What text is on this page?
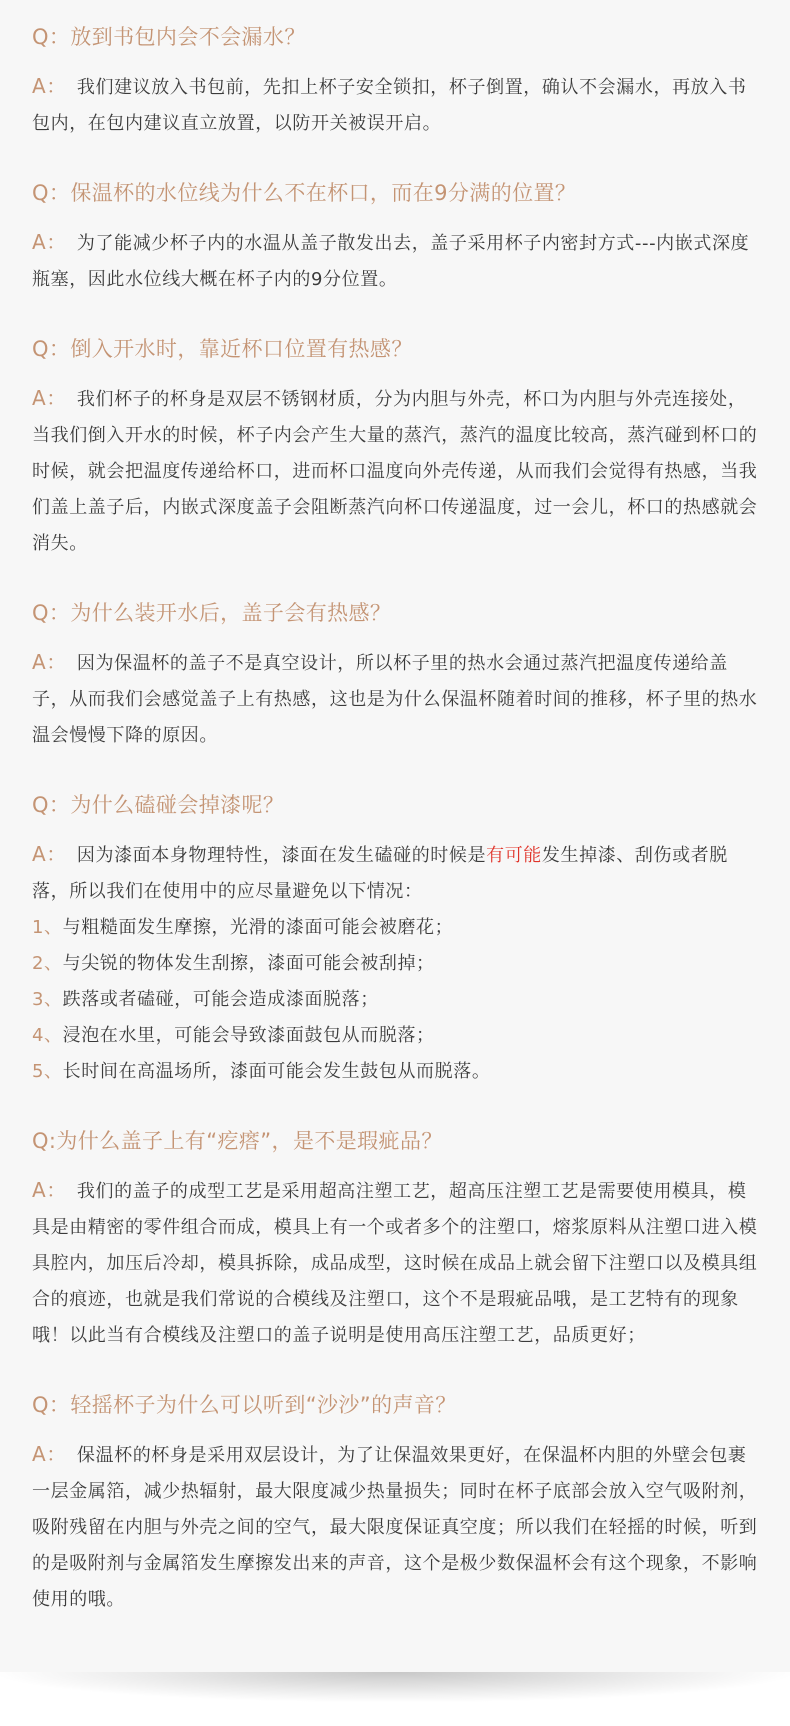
Q：放到书包内会不会漏水？

A： 我们建议放入书包前，先扣上杯子安全锁扣，杯子倒置，确认不会漏水，再放入书包内，在包内建议直立放置，以防开关被误开启。

Q：保温杯的水位线为什么不在杯口，而在9分满的位置？

A： 为了能减少杯子内的水温从盖子散发出去，盖子采用杯子内密封方式---内嵌式深度瓶塞，因此水位线大概在杯子内的9分位置。

Q：倒入开水时，靠近杯口位置有热感？

A： 我们杯子的杯身是双层不锈钢材质，分为内胆与外壳，杯口为内胆与外壳连接处，当我们倒入开水的时候，杯子内会产生大量的蒸汽，蒸汽的温度比较高，蒸汽碰到杯口的时候，就会把温度传递给杯口，进而杯口温度向外壳传递，从而我们会觉得有热感，当我们盖上盖子后，内嵌式深度盖子会阻断蒸汽向杯口传递温度，过一会儿，杯口的热感就会消失。

Q：为什么装开水后，盖子会有热感？

A： 因为保温杯的盖子不是真空设计，所以杯子里的热水会通过蒸汽把温度传递给盖子，从而我们会感觉盖子上有热感，这也是为什么保温杯随着时间的推移，杯子里的热水温会慢慢下降的原因。

Q：为什么磕碰会掉漆呢？

A： 因为漆面本身物理特性，漆面在发生磕碰的时候是有可能发生掉漆、刮伤或者脱落，所以我们在使用中的应尽量避免以下情况：

1、与粗糙面发生摩擦，光滑的漆面可能会被磨花；
2、与尖锐的物体发生刮擦，漆面可能会被刮掉；
3、跌落或者磕碰，可能会造成漆面脱落；
4、浸泡在水里，可能会导致漆面鼓包从而脱落；
5、长时间在高温场所，漆面可能会发生鼓包从而脱落。

Q:为什么盖子上有“疙瘩”，是不是瑕疵品？

A： 我们的盖子的成型工艺是采用超高注塑工艺，超高压注塑工艺是需要使用模具，模具是由精密的零件组合而成，模具上有一个或者多个的注塑口，熔浆原料从注塑口进入模具腔内，加压后冷却，模具拆除，成品成型，这时候在成品上就会留下注塑口以及模具组合的痕迹，也就是我们常说的合模线及注塑口，这个不是瑕疵品哦，是工艺特有的现象哦！以此当有合模线及注塑口的盖子说明是使用高压注塑工艺，品质更好；

Q：轻摇杯子为什么可以听到“沙沙”的声音？

A： 保温杯的杯身是采用双层设计，为了让保温效果更好，在保温杯内胆的外壁会包裹一层金属箔，减少热辐射，最大限度减少热量损失；同时在杯子底部会放入空气吸附剂，吸附残留在内胆与外壳之间的空气，最大限度保证真空度；所以我们在轻摇的时候，听到的是吸附剂与金属箔发生摩擦发出来的声音，这个是极少数保温杯会有这个现象，不影响使用的哦。
